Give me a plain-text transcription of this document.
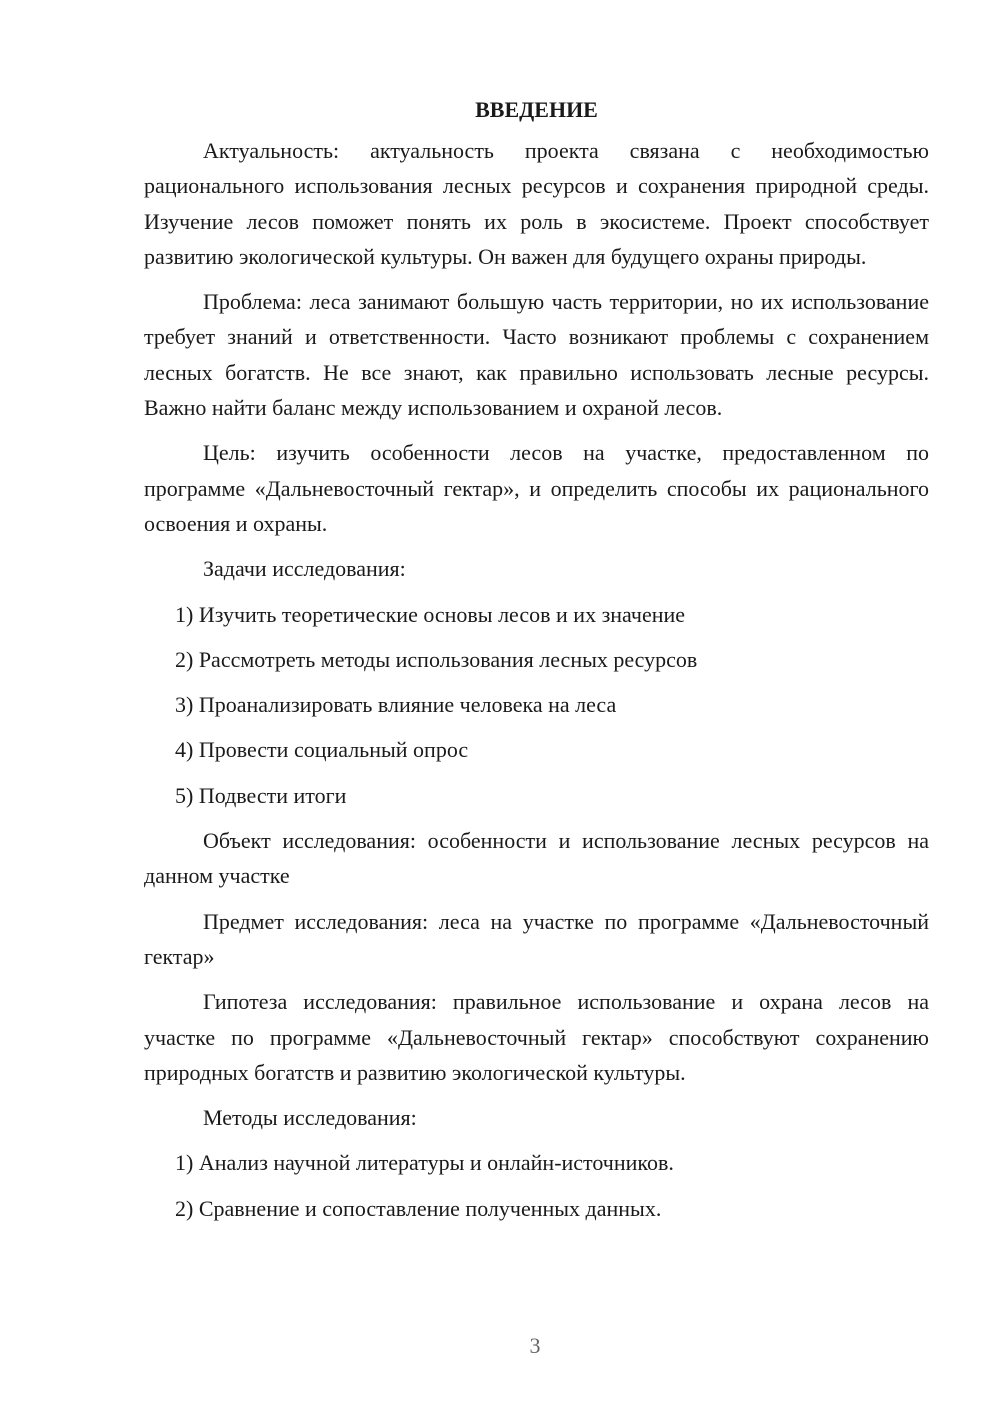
ВВЕДЕНИЕ

Актуальность: актуальность проекта связана с необходимостью рационального использования лесных ресурсов и сохранения природной среды. Изучение лесов поможет понять их роль в экосистеме. Проект способствует развитию экологической культуры. Он важен для будущего охраны природы.

Проблема: леса занимают большую часть территории, но их использование требует знаний и ответственности. Часто возникают проблемы с сохранением лесных богатств. Не все знают, как правильно использовать лесные ресурсы. Важно найти баланс между использованием и охраной лесов.

Цель: изучить особенности лесов на участке, предоставленном по программе «Дальневосточный гектар», и определить способы их рационального освоения и охраны.

Задачи исследования:
1) Изучить теоретические основы лесов и их значение
2) Рассмотреть методы использования лесных ресурсов
3) Проанализировать влияние человека на леса
4) Провести социальный опрос
5) Подвести итоги

Объект исследования: особенности и использование лесных ресурсов на данном участке

Предмет исследования: леса на участке по программе «Дальневосточный гектар»

Гипотеза исследования: правильное использование и охрана лесов на участке по программе «Дальневосточный гектар» способствуют сохранению природных богатств и развитию экологической культуры.

Методы исследования:
1) Анализ научной литературы и онлайн-источников.
2) Сравнение и сопоставление полученных данных.
3
